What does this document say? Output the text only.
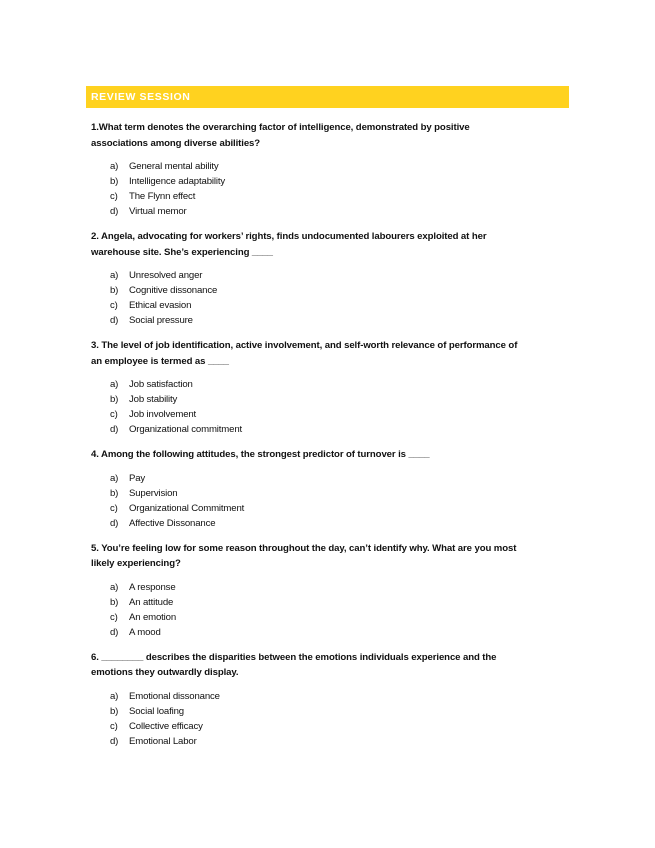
REVIEW SESSION

1.What term denotes the overarching factor of intelligence, demonstrated by positive
associations among diverse abilities?

a)	General mental ability
b)	Intelligence adaptability
c)	The Flynn effect
d)	Virtual memor

2. Angela, advocating for workers’ rights, finds undocumented labourers exploited at her
warehouse site. She’s experiencing ____

a)	Unresolved anger
b)	Cognitive dissonance
c)	Ethical evasion
d)	Social pressure

3. The level of job identification, active involvement, and self-worth relevance of performance of
an employee is termed as ____

a)	Job satisfaction
b)	Job stability
c)	Job involvement
d)	Organizational commitment

4. Among the following attitudes, the strongest predictor of turnover is ____

a)	Pay
b)	Supervision
c)	Organizational Commitment
d)	Affective Dissonance

5. You’re feeling low for some reason throughout the day, can’t identify why. What are you most
likely experiencing?

a)	A response
b)	An attitude
c)	An emotion
d)	A mood

6. ________ describes the disparities between the emotions individuals experience and the
emotions they outwardly display.

a)	Emotional dissonance
b)	Social loafing
c)	Collective efficacy
d)	Emotional Labor
